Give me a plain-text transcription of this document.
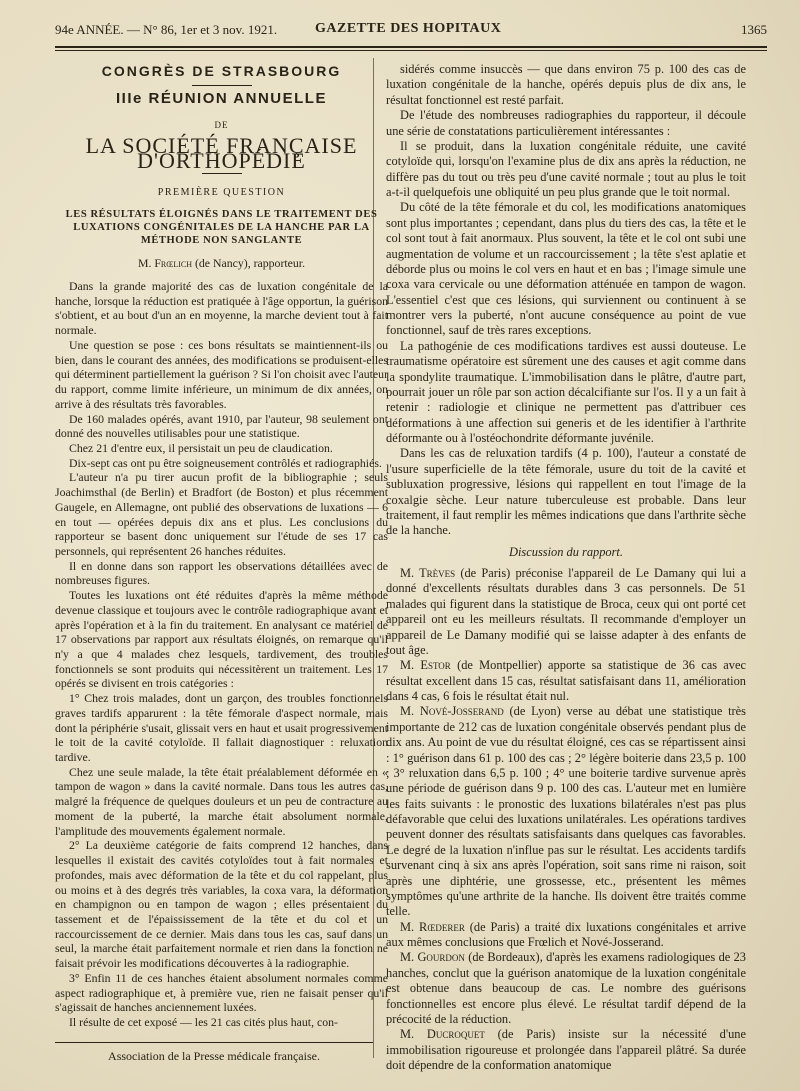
94e ANNÉE. — N° 86, 1er et 3 nov. 1921.	GAZETTE DES HOPITAUX	1365

CONGRÈS DE STRASBOURG

IIIe RÉUNION ANNUELLE

DE

LA SOCIÉTÉ FRANÇAISE D'ORTHOPÉDIE

PREMIÈRE QUESTION

LES RÉSULTATS ÉLOIGNÉS DANS LE TRAITEMENT DES LUXATIONS CONGÉNITALES DE LA HANCHE PAR LA MÉTHODE NON SANGLANTE

M. Frœlich (de Nancy), rapporteur.

Dans la grande majorité des cas de luxation congénitale de la hanche, lorsque la réduction est pratiquée à l'âge opportun, la guérison s'obtient, et au bout d'un an en moyenne, la marche devient tout à fait normale.

Une question se pose : ces bons résultats se maintiennent-ils ou bien, dans le courant des années, des modifications se produisent-elles qui déterminent partiellement la guérison ? Si l'on choisit avec l'auteur du rapport, comme limite inférieure, un minimum de dix années, on arrive à des résultats très favorables.

De 160 malades opérés, avant 1910, par l'auteur, 98 seulement ont donné des nouvelles utilisables pour une statistique.

Chez 21 d'entre eux, il persistait un peu de claudication.

Dix-sept cas ont pu être soigneusement contrôlés et radiographiés.

L'auteur n'a pu tirer aucun profit de la bibliographie ; seuls Joachimsthal (de Berlin) et Bradfort (de Boston) et plus récemment Gaugele, en Allemagne, ont publié des observations de luxations — 6 en tout — opérées depuis dix ans et plus. Les conclusions du rapporteur se basent donc uniquement sur l'étude de ses 17 cas personnels, qui représentent 26 hanches réduites.

Il en donne dans son rapport les observations détaillées avec de nombreuses figures.

Toutes les luxations ont été réduites d'après la même méthode devenue classique et toujours avec le contrôle radiographique avant et après l'opération et à la fin du traitement. En analysant ce matériel de 17 observations par rapport aux résultats éloignés, on remarque qu'il n'y a que 4 malades chez lesquels, tardivement, des troubles fonctionnels se sont produits qui nécessitèrent un traitement. Les 17 opérés se divisent en trois catégories :

1° Chez trois malades, dont un garçon, des troubles fonctionnels graves tardifs apparurent : la tête fémorale d'aspect normale, mais dont la périphérie s'usait, glissait vers en haut et usait progressivement le toit de la cavité cotyloïde. Il fallait diagnostiquer : reluxation tardive.

Chez une seule malade, la tête était préalablement déformée en « tampon de wagon » dans la cavité normale. Dans tous les autres cas, malgré la fréquence de quelques douleurs et un peu de contracture au moment de la puberté, la marche était absolument normale, l'amplitude des mouvements également normale.

2° La deuxième catégorie de faits comprend 12 hanches, dans lesquelles il existait des cavités cotyloïdes tout à fait normales et profondes, mais avec déformation de la tête et du col rappelant, plus ou moins et à des degrés très variables, la coxa vara, la déformation en champignon ou en tampon de wagon ; elles présentaient du tassement et de l'épaississement de la tête et du col et un raccourcissement de ce dernier. Mais dans tous les cas, sauf dans un seul, la marche était parfaitement normale et rien dans la fonction ne faisait prévoir les modifications découvertes à la radiographie.

3° Enfin 11 de ces hanches étaient absolument normales comme aspect radiographique et, à première vue, rien ne faisait penser qu'il s'agissait de hanches anciennement luxées.

Il résulte de cet exposé — les 21 cas cités plus haut, con-

sidérés comme insuccès — que dans environ 75 p. 100 des cas de luxation congénitale de la hanche, opérés depuis plus de dix ans, le résultat fonctionnel est resté parfait.

De l'étude des nombreuses radiographies du rapporteur, il découle une série de constatations particulièrement intéressantes :

Il se produit, dans la luxation congénitale réduite, une cavité cotyloïde qui, lorsqu'on l'examine plus de dix ans après la réduction, ne diffère pas du tout ou très peu d'une cavité normale ; tout au plus le toit a-t-il quelquefois une obliquité un peu plus grande que le toit normal.

Du côté de la tête fémorale et du col, les modifications anatomiques sont plus importantes ; cependant, dans plus du tiers des cas, la tête et le col sont tout à fait anormaux. Plus souvent, la tête et le col ont subi une augmentation de volume et un raccourcissement ; la tête s'est aplatie et déborde plus ou moins le col vers en haut et en bas ; l'image simule une coxa vara cervicale ou une déformation atténuée en tampon de wagon. L'essentiel c'est que ces lésions, qui surviennent ou continuent à se montrer vers la puberté, n'ont aucune conséquence au point de vue fonctionnel, sauf de très rares exceptions.

La pathogénie de ces modifications tardives est aussi douteuse. Le traumatisme opératoire est sûrement une des causes et agit comme dans la spondylite traumatique. L'immobilisation dans le plâtre, d'autre part, pourrait jouer un rôle par son action décalcifiante sur l'os. Il y a un fait à retenir : radiologie et clinique ne permettent pas d'attribuer ces déformations à une affection sui generis et de les identifier à l'arthrite déformante ou à l'ostéochondrite déformante juvénile.

Dans les cas de reluxation tardifs (4 p. 100), l'auteur a constaté de l'usure superficielle de la tête fémorale, usure du toit de la cavité et subluxation progressive, lésions qui rappellent en tout l'image de la coxalgie sèche. Leur nature tuberculeuse est probable. Dans leur traitement, il faut remplir les mêmes indications que dans l'arthrite sèche de la hanche.

Discussion du rapport.

M. Trèves (de Paris) préconise l'appareil de Le Damany qui lui a donné d'excellents résultats durables dans 3 cas personnels. De 51 malades qui figurent dans la statistique de Broca, ceux qui ont porté cet appareil ont eu les meilleurs résultats. Il recommande d'employer un appareil de Le Damany modifié qui se laisse adapter à des enfants de tout âge.

M. Estor (de Montpellier) apporte sa statistique de 36 cas avec résultat excellent dans 15 cas, résultat satisfaisant dans 11, amélioration dans 4 cas, 6 fois le résultat était nul.

M. Nové-Josserand (de Lyon) verse au débat une statistique très importante de 212 cas de luxation congénitale observés pendant plus de dix ans. Au point de vue du résultat éloigné, ces cas se répartissent ainsi : 1° guérison dans 61 p. 100 des cas ; 2° légère boiterie dans 23,5 p. 100 ; 3° reluxation dans 6,5 p. 100 ; 4° une boiterie tardive survenue après une période de guérison dans 9 p. 100 des cas. L'auteur met en lumière les faits suivants : le pronostic des luxations bilatérales n'est pas plus défavorable que celui des luxations unilatérales. Les opérations tardives peuvent donner des résultats satisfaisants dans quelques cas favorables. Le degré de la luxation n'influe pas sur le résultat. Les accidents tardifs survenant cinq à six ans après l'opération, soit sans rime ni raison, soit après une diphtérie, une grossesse, etc., présentent les mêmes symptômes qu'une arthrite de la hanche. Ils doivent être traités comme telle.

M. Rœderer (de Paris) a traité dix luxations congénitales et arrive aux mêmes conclusions que Frœlich et Nové-Josserand.

M. Gourdon (de Bordeaux), d'après les examens radiologiques de 23 hanches, conclut que la guérison anatomique de la luxation congénitale est obtenue dans beaucoup de cas. Le nombre des guérisons fonctionnelles est encore plus élevé. Le résultat tardif dépend de la précocité de la réduction.

M. Ducroquet (de Paris) insiste sur la nécessité d'une immobilisation rigoureuse et prolongée dans l'appareil plâtré. Sa durée doit dépendre de la conformation anatomique

Association de la Presse médicale française.
